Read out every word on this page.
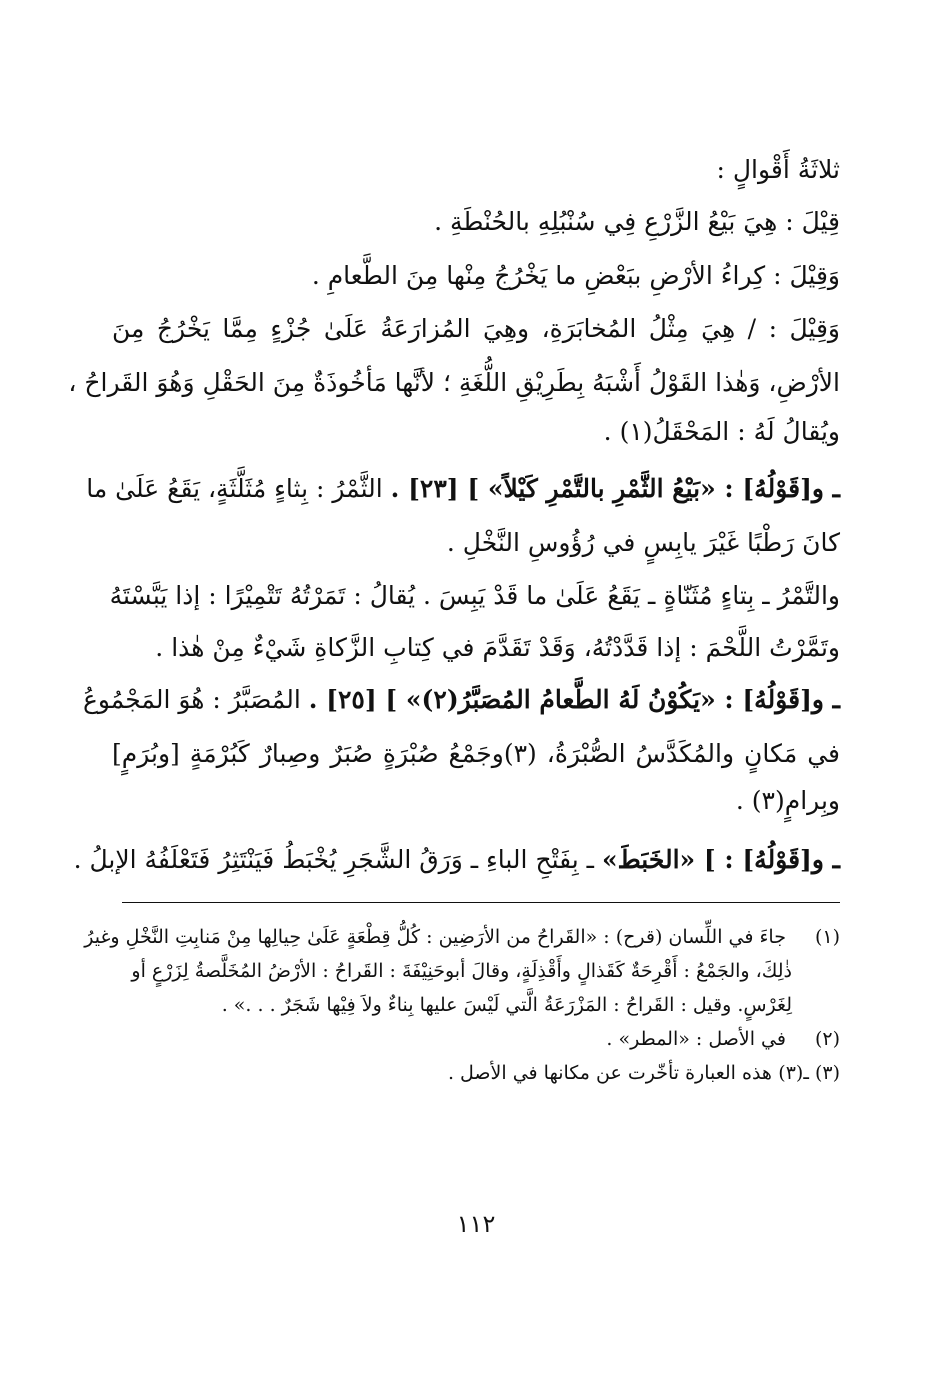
ثلاثَةُ أَقْوالٍ :
قِيْلَ : هِيَ بَيْعُ الزَّرْعِ فِي سُنْبُلِهِ بالحُنْطَةِ .
وَقِيْلَ : كِراءُ الأرْضِ ببَعْضِ ما يَخْرُجُ مِنْها مِنَ الطَّعامِ .
وَقِيْلَ : / هِيَ مِثْلُ المُخابَرَةِ، وهِيَ المُزارَعَةُ عَلَىٰ جُزْءٍ مِمَّا يَخْرُجُ مِنَ
الأرْضِ، وَهٰذا القَوْلُ أَشْبَهُ بِطَرِيْقِ اللُّغَةِ ؛ لأنَّها مَأخُوذَةٌ مِنَ الحَقْلِ وَهُوَ القَراحُ ،
ويُقالُ لَهُ : المَحْقَلُ(١) .
ـ و[قَوْلُهُ] : «بَيْعُ الثَّمْرِ بالتَّمْرِ كَيْلاً» ] [٢٣] . الثَّمْرُ : بِثاءٍ مُثَلَّثَةٍ، يَقَعُ عَلَىٰ ما
كانَ رَطْبًا غَيْرَ يابِسٍ في رُؤُوسِ النَّخْلِ .
والتَّمْرُ ـ بِتاءٍ مُثَنّاةٍ ـ يَقَعُ عَلَىٰ ما قَدْ يَبِسَ . يُقالُ : تَمَرْتُهُ تَتْمِيْرًا : إذا يَبَّسْتَهُ
وتَمَّرْتُ اللَّحْمَ : إذا قَدَّدْتُهُ، وَقَدْ تَقَدَّمَ في كِتابِ الزَّكاةِ شَيْءٌ مِنْ هٰذا .
ـ و[قَوْلُهُ] : «يَكُوْنُ لَهُ الطَّعامُ المُصَبَّرُ(٢)» ] [٢٥] . المُصَبَّرُ : هُوَ المَجْمُوعُ
في مَكانٍ والمُكَدَّسُ الصُّبْرَةُ، (٣)وجَمْعُ صُبْرَةٍ صُبَرٌ وصِبارٌ كَبُرْمَةٍ [وبُرَمٍ]
وبِرامٍ(٣) .
ـ و[قَوْلُهُ] : ] «الخَبَطَ» ـ بِفَتْحِ الباءِ ـ وَرَقُ الشَّجَرِ يُخْبَطُ فَيَنْتَثِرُ فَتَعْلَفُهُ الإبلُ .
(١) جاءَ في اللِّسان (قرح) : «القَراحُ من الأرَضِين : كُلُّ قِطْعَةٍ عَلَىٰ حِيالِها مِنْ مَنابِتِ النَّخْلِ وغيرُ
ذٰلِكَ، والجَمْعُ : أَقْرِحَةٌ كَقَذالٍ وأَقْذِلَةٍ، وقالَ أبوحَنِيْفَةَ : القَراحُ : الأرْضُ المُخَلَّصةُ لِزَرْعٍ أو
لِغَرْسٍ. وقيل : القَراحُ : المَزْرَعَةُ الَّتي لَيْسَ عليها بِناءٌ ولاَ فِيْها شَجَرٌ . . .» .
(٢) في الأصل : «المطر» .
(٣) ـ(٣) هذه العبارة تأخّرت عن مكانها في الأصل .
١١٢
